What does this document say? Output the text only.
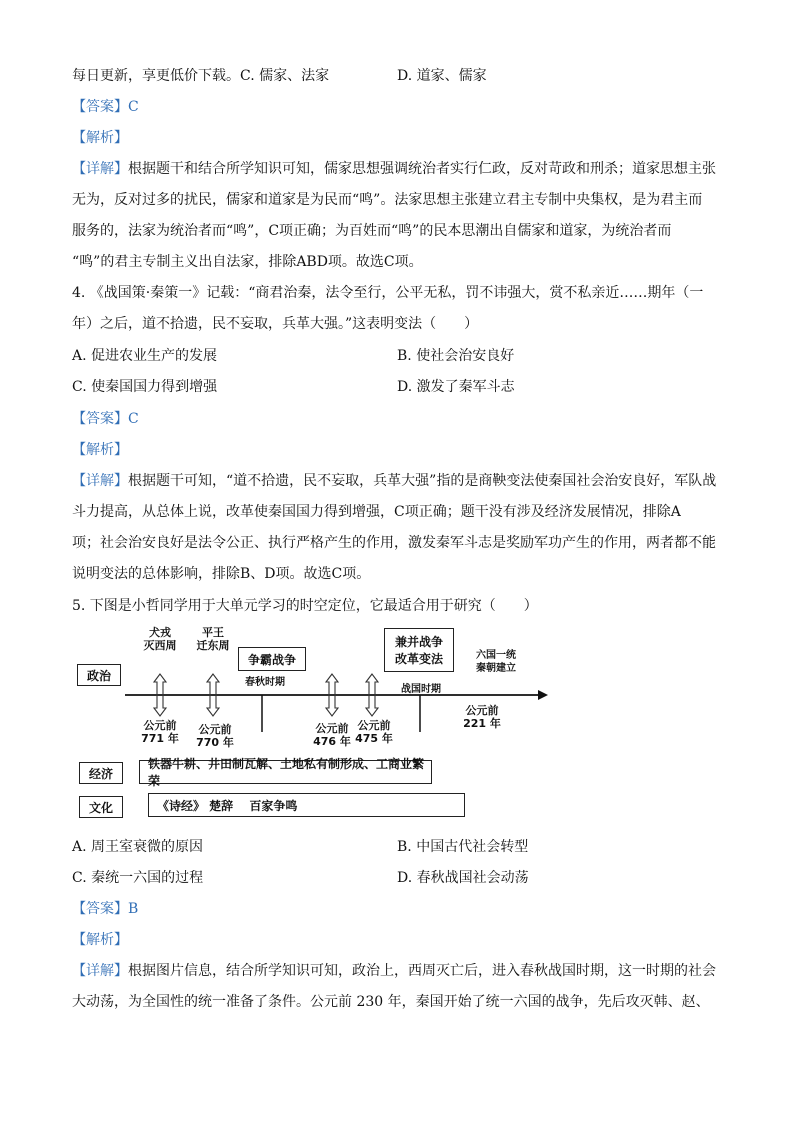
每日更新，享更低价下载。C. 儒家、法家	D. 道家、儒家
【答案】C
【解析】
【详解】根据题干和结合所学知识可知，儒家思想强调统治者实行仁政，反对苛政和刑杀；道家思想主张
无为，反对过多的扰民，儒家和道家是为民而“鸣”。法家思想主张建立君主专制中央集权，是为君主而
服务的，法家为统治者而“鸣”，C项正确；为百姓而“鸣”的民本思潮出自儒家和道家，为统治者而
“鸣”的君主专制主义出自法家，排除ABD项。故选C项。
4. 《战国策·秦策一》记载：“商君治秦，法令至行，公平无私，罚不讳强大，赏不私亲近……期年（一
年）之后，道不拾遗，民不妄取，兵革大强。”这表明变法（　　）
A. 促进农业生产的发展	B. 使社会治安良好
C. 使秦国国力得到增强	D. 激发了秦军斗志
【答案】C
【解析】
【详解】根据题干可知，“道不拾遗，民不妄取，兵革大强”指的是商鞅变法使秦国社会治安良好，军队战
斗力提高，从总体上说，改革使秦国国力得到增强，C项正确；题干没有涉及经济发展情况，排除A
项；社会治安良好是法令公正、执行严格产生的作用，激发秦军斗志是奖励军功产生的作用，两者都不能
说明变法的总体影响，排除B、D项。故选C项。
5. 下图是小哲同学用于大单元学习的时空定位，它最适合用于研究（　　）
政治
犬戎
灭西周
平王
迁东周
争霸战争
兼并战争
改革变法	六国一统
秦朝建立
春秋时期
战国时期
公元前
771 年
公元前
770 年
公元前
476 年
公元前
475 年
公元前
221 年
经济
铁器牛耕、井田制瓦解、土地私有制形成、工商业繁荣
文化	《诗经》 楚辞　 百家争鸣
A. 周王室衰微的原因	B. 中国古代社会转型
C. 秦统一六国的过程	D. 春秋战国社会动荡
【答案】B
【解析】
【详解】根据图片信息，结合所学知识可知，政治上，西周灭亡后，进入春秋战国时期，这一时期的社会
大动荡，为全国性的统一准备了条件。公元前 230 年，秦国开始了统一六国的战争，先后攻灭韩、赵、
